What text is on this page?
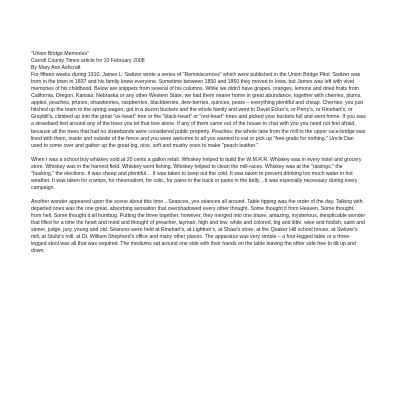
"Union Bridge Memories"
Carroll County Times article for 10 February 2008
By Mary Ann Ashcraft

For fifteen weeks during 1910, James L. Switzer wrote a series of "Reminiscences" which were published in the Union Bridge Pilot. Switzer was born in the town in 1837 and his family knew everyone. Sometime between 1850 and 1860 they moved to Iowa, but James was left with vivid memories of his childhood. Below are snippets from several of his columns. While we didn't have grapes, oranges, lemons and dried fruits from California, Oregon, Kansas, Nebraska or any other Western State, we had them nearer home in great abundance, together with cherries, plums, apples, peaches, prunes, strawberries, raspberries, blackberries, dew-berries, quinces, pears – everything plentiful and cheap. Cherries: you just hitched up the team to the spring wagon, got in a dozen buckets and the whole family and went to David Ecker's, or Perry's, or Rinehart's, or Graybill's, climbed up into the great "ox-heart" tree or the "black-heart" or "red-heart" trees and picked your buckets full and went home. If you saw a strawbard tied around any of the trees you let that tree alone. If any of them came out of the house to chat with you you need not feel afraid, because all the trees that had no strawbands were considered public property. Peaches: the whole lane from the mill to the upper race-bridge was lined with them, inside and outside of the fence and you were welcome to all you wanted to eat or pick up "free-gratis for nothing." Uncle Dan used to come over and gather up the great big, nice, soft and mushy ones to make "peach leather."

When I was a school boy whiskey sold at 20 cents a gallon retail. Whiskey helped to build the W.M.R.R. Whiskey was in every hotel and grocery store. Whiskey was in the harvest field. Whiskey went fishing. Whiskey helped to clean the mill-races. Whiskey was at the "raisings," the "husking," the elections. It was cheap and plentiful… It was taken to keep out the cold. It was taken to prevent drinking too much water in hot weather. It was taken for cramps, for rheumatism, for colic, for pains in the back or pains in the belly…It was especially necessary during every campaign.

Another wonder appeared upon the scene about this time…Seances, yes séances all around. Table tipping was the order of the day. Talking with departed ones was the one great, absorbing sensation that overshadowed every other thought. Some thought it from Heaven. Some thought, from hell. Some thought it all humbug. Putting the three together, however, they merged into one triune, amazing, mysterious, inexplicable wonder that filled for a time the heart and mind and thought of preacher, layman, high and low, white and colored, big and little, wise and foolish, saint and sinner, judge, jury, young and old. Séances were held at Rinehart's, at Lightner's, at Shaw's store, at the Quaker Hill school house, at Switzer's mill, at Stultz's mill, at Dr. William Shepherd's office and many other places. The apparatus was very simple – a four-legged table or a three-legged stool was all that was required. The mediums sat around one side with their hands on the table leaving the other side free to tilt up and down.
